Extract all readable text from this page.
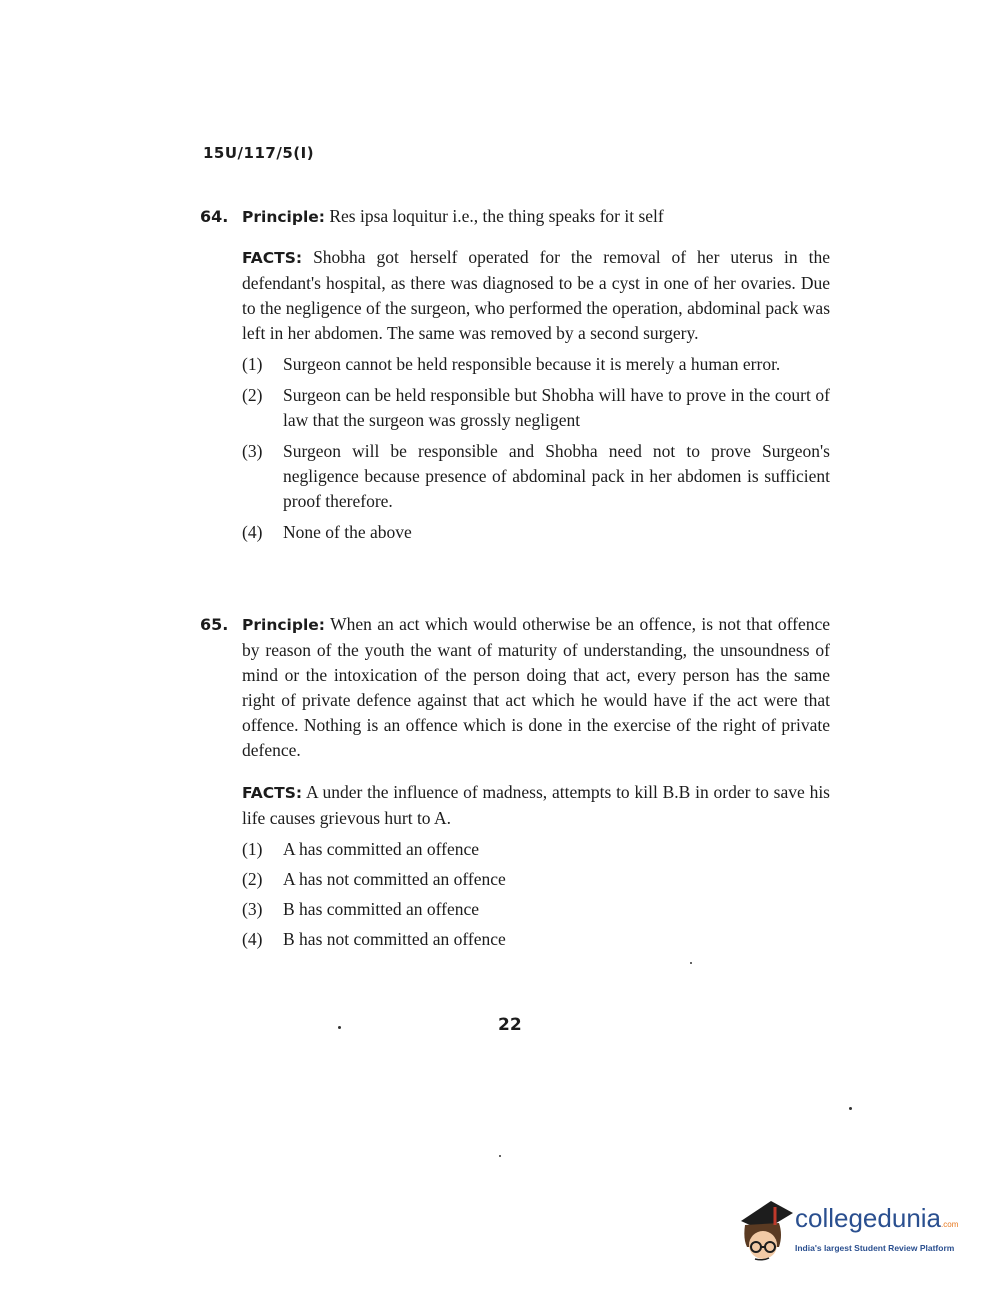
15U/117/5(I)
64. Principle: Res ipsa loquitur i.e., the thing speaks for it self
FACTS: Shobha got herself operated for the removal of her uterus in the defendant's hospital, as there was diagnosed to be a cyst in one of her ovaries. Due to the negligence of the surgeon, who performed the operation, abdominal pack was left in her abdomen. The same was removed by a second surgery.
(1) Surgeon cannot be held responsible because it is merely a human error.
(2) Surgeon can be held responsible but Shobha will have to prove in the court of law that the surgeon was grossly negligent
(3) Surgeon will be responsible and Shobha need not to prove Surgeon's negligence because presence of abdominal pack in her abdomen is sufficient proof therefore.
(4) None of the above
65. Principle: When an act which would otherwise be an offence, is not that offence by reason of the youth the want of maturity of understanding, the unsoundness of mind or the intoxication of the person doing that act, every person has the same right of private defence against that act which he would have if the act were that offence. Nothing is an offence which is done in the exercise of the right of private defence.
FACTS: A under the influence of madness, attempts to kill B.B in order to save his life causes grievous hurt to A.
(1) A has committed an offence
(2) A has not committed an offence
(3) B has committed an offence
(4) B has not committed an offence
22
collegedunia.com
India's largest Student Review Platform
